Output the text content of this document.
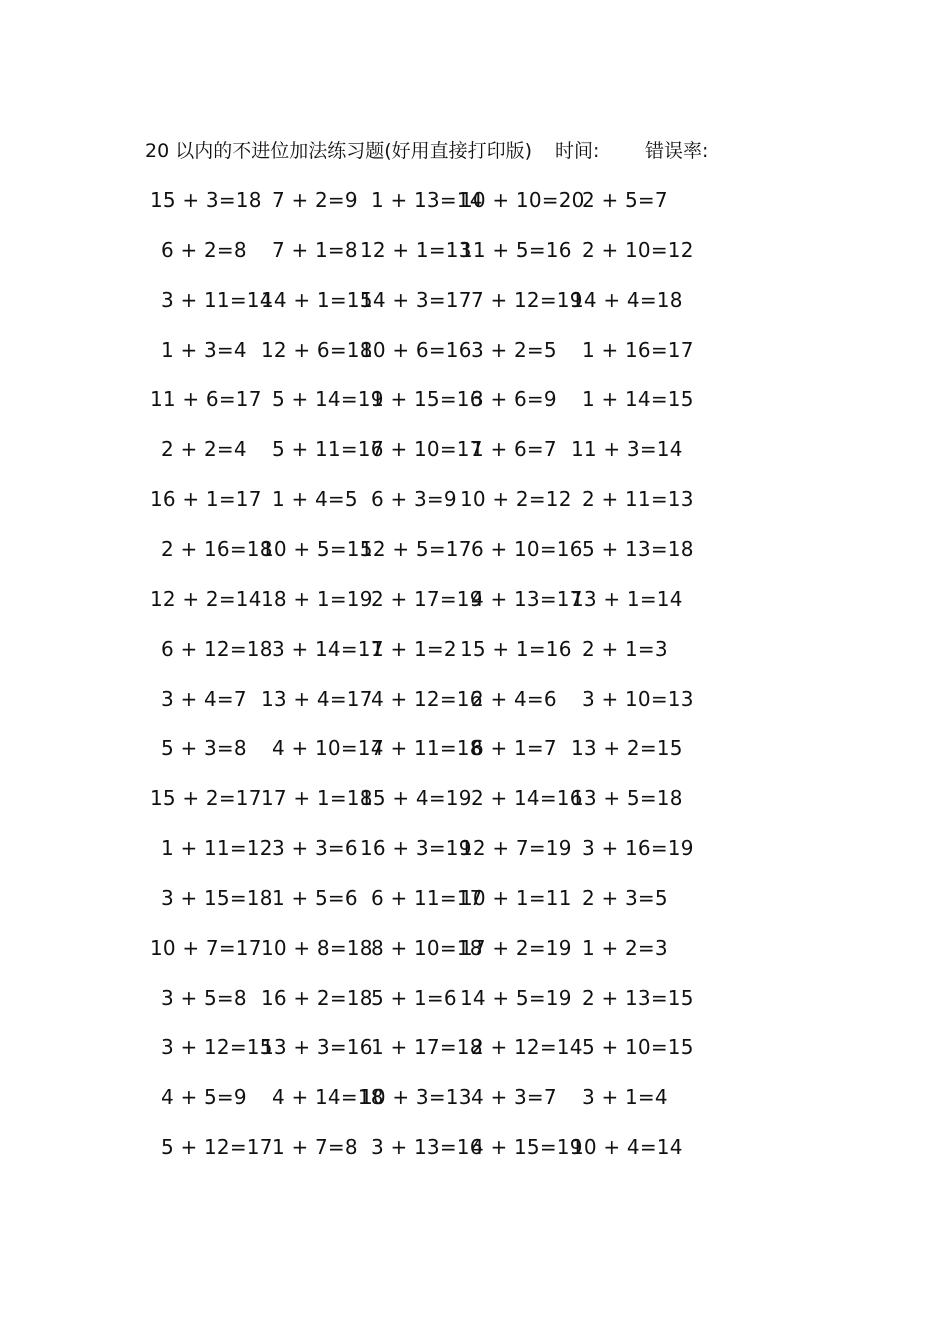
20 以内的不进位加法练习题(好用直接打印版) 时间: 错误率:
15 + 3=18 7 + 2=9 1 + 13=14
10 + 10=20
2 + 5=7
6 + 2=8 7 + 1=8 12 + 1=13
11 + 5=16 2 + 10=12
3 + 11=14
14 + 1=15
14 + 3=17 7 + 12=19
14 + 4=18
1 + 3=4 12 + 6=18
10 + 6=16 3 + 2=5 1 + 16=17
11 + 6=17 5 + 14=19
1 + 15=16
3 + 6=9 1 + 14=15
2 + 2=4 5 + 11=16
7 + 10=17
1 + 6=7 11 + 3=14
16 + 1=17 1 + 4=5 6 + 3=9 10 + 2=12 2 + 11=13
2 + 16=18
10 + 5=15
12 + 5=17 6 + 10=16 5 + 13=18
12 + 2=14 18 + 1=19
2 + 17=19
4 + 13=17
13 + 1=14
6 + 12=18 3 + 14=17
1 + 1=2 15 + 1=16 2 + 1=3
3 + 4=7 13 + 4=17
4 + 12=16
2 + 4=6 3 + 10=13
5 + 3=8 4 + 10=14
7 + 11=18
6 + 1=7 13 + 2=15
15 + 2=17 17 + 1=18
15 + 4=19 2 + 14=16
13 + 5=18
1 + 11=12 3 + 3=6 16 + 3=19
12 + 7=19 3 + 16=19
3 + 15=18 1 + 5=6 6 + 11=17
10 + 1=11 2 + 3=5
10 + 7=17 10 + 8=18
8 + 10=18
17 + 2=19 1 + 2=3
3 + 5=8 16 + 2=18
5 + 1=6 14 + 5=19 2 + 13=15
3 + 12=15
13 + 3=16
1 + 17=18
2 + 12=14 5 + 10=15
4 + 5=9 4 + 14=18
10 + 3=13 4 + 3=7 3 + 1=4
5 + 12=17 1 + 7=8 3 + 13=16
4 + 15=19
10 + 4=14
